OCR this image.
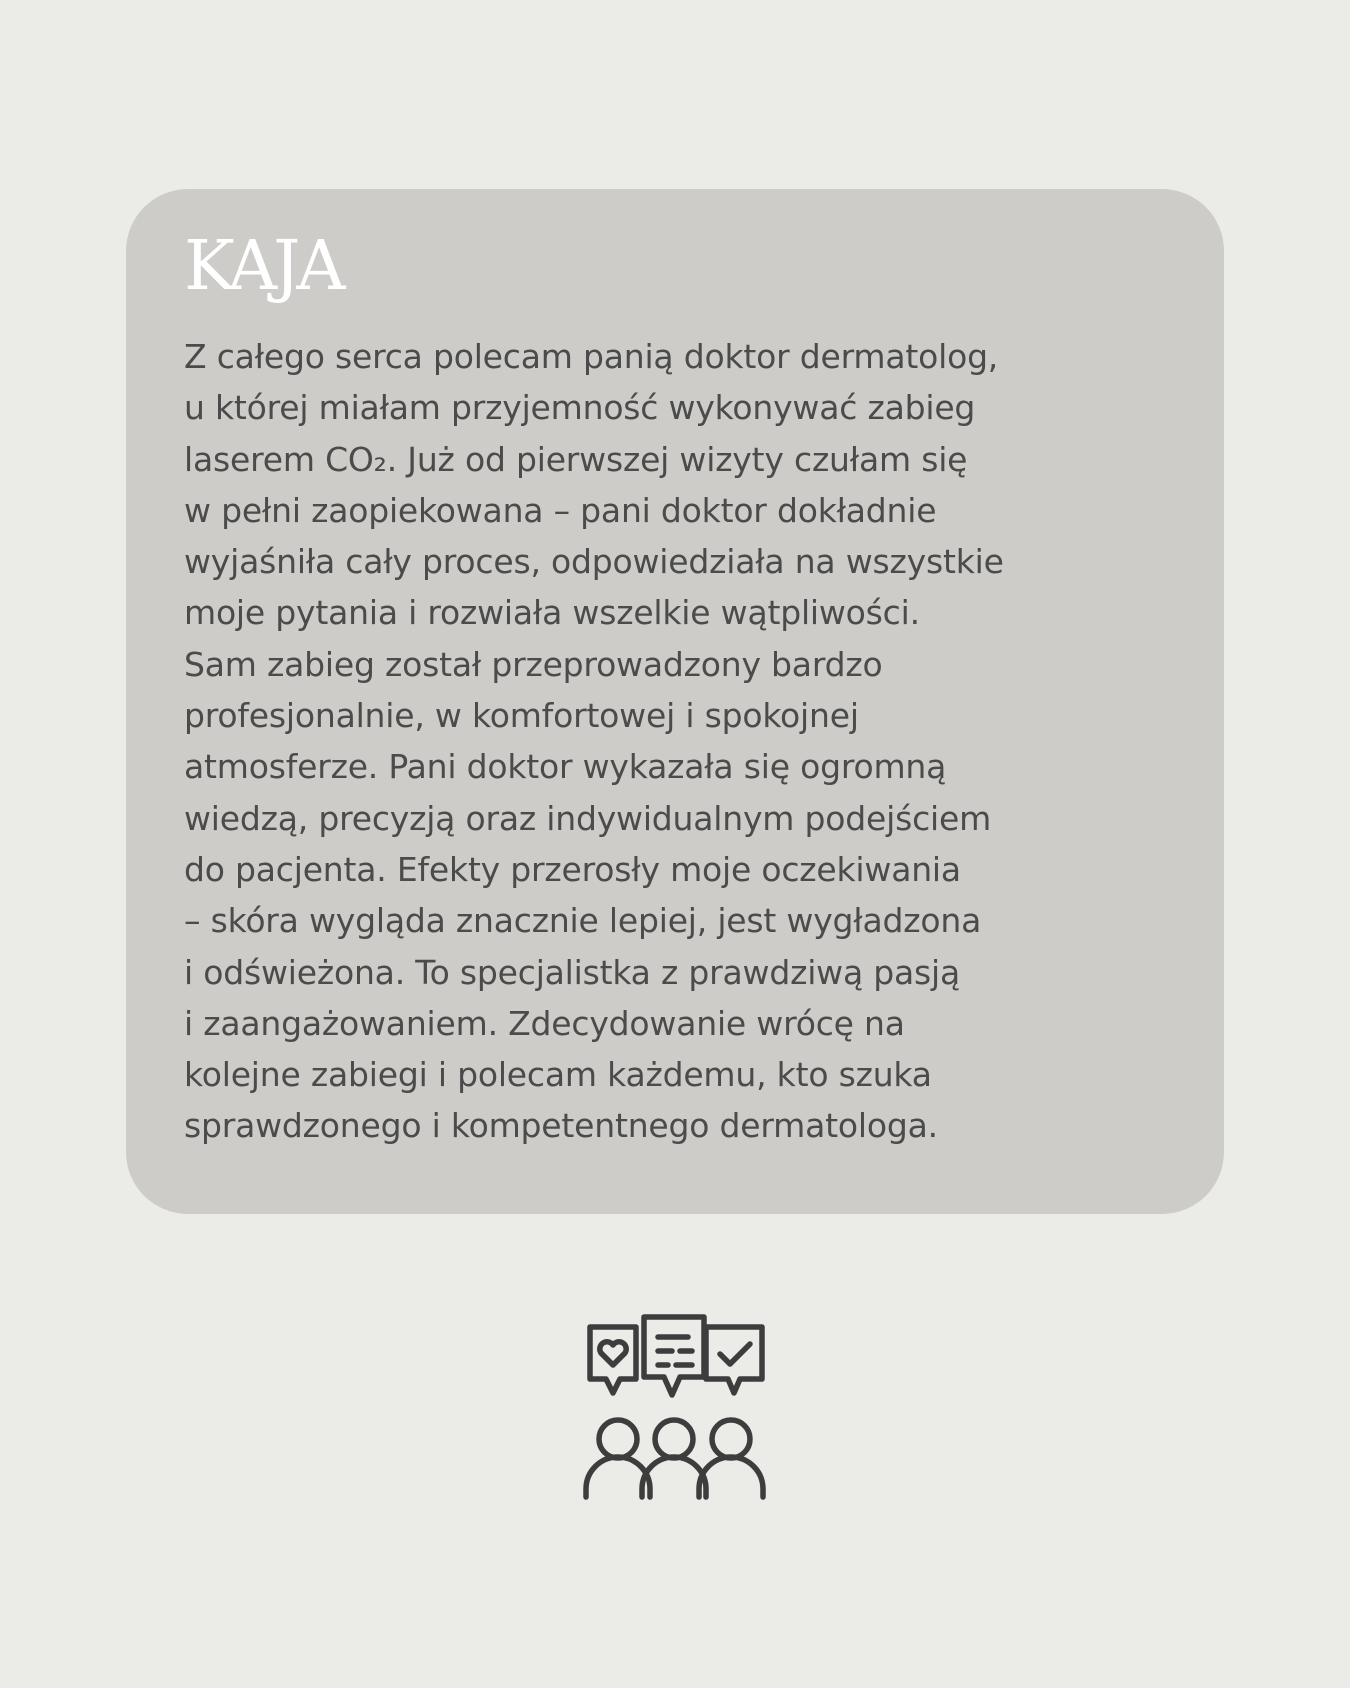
KAJA
Z całego serca polecam panią doktor dermatolog,
u której miałam przyjemność wykonywać zabieg
laserem CO₂. Już od pierwszej wizyty czułam się
w pełni zaopiekowana – pani doktor dokładnie
wyjaśniła cały proces, odpowiedziała na wszystkie
moje pytania i rozwiała wszelkie wątpliwości.
Sam zabieg został przeprowadzony bardzo
profesjonalnie, w komfortowej i spokojnej
atmosferze. Pani doktor wykazała się ogromną
wiedzą, precyzją oraz indywidualnym podejściem
do pacjenta. Efekty przerosły moje oczekiwania
– skóra wygląda znacznie lepiej, jest wygładzona
i odświeżona. To specjalistka z prawdziwą pasją
i zaangażowaniem. Zdecydowanie wrócę na
kolejne zabiegi i polecam każdemu, kto szuka
sprawdzonego i kompetentnego dermatologa.
